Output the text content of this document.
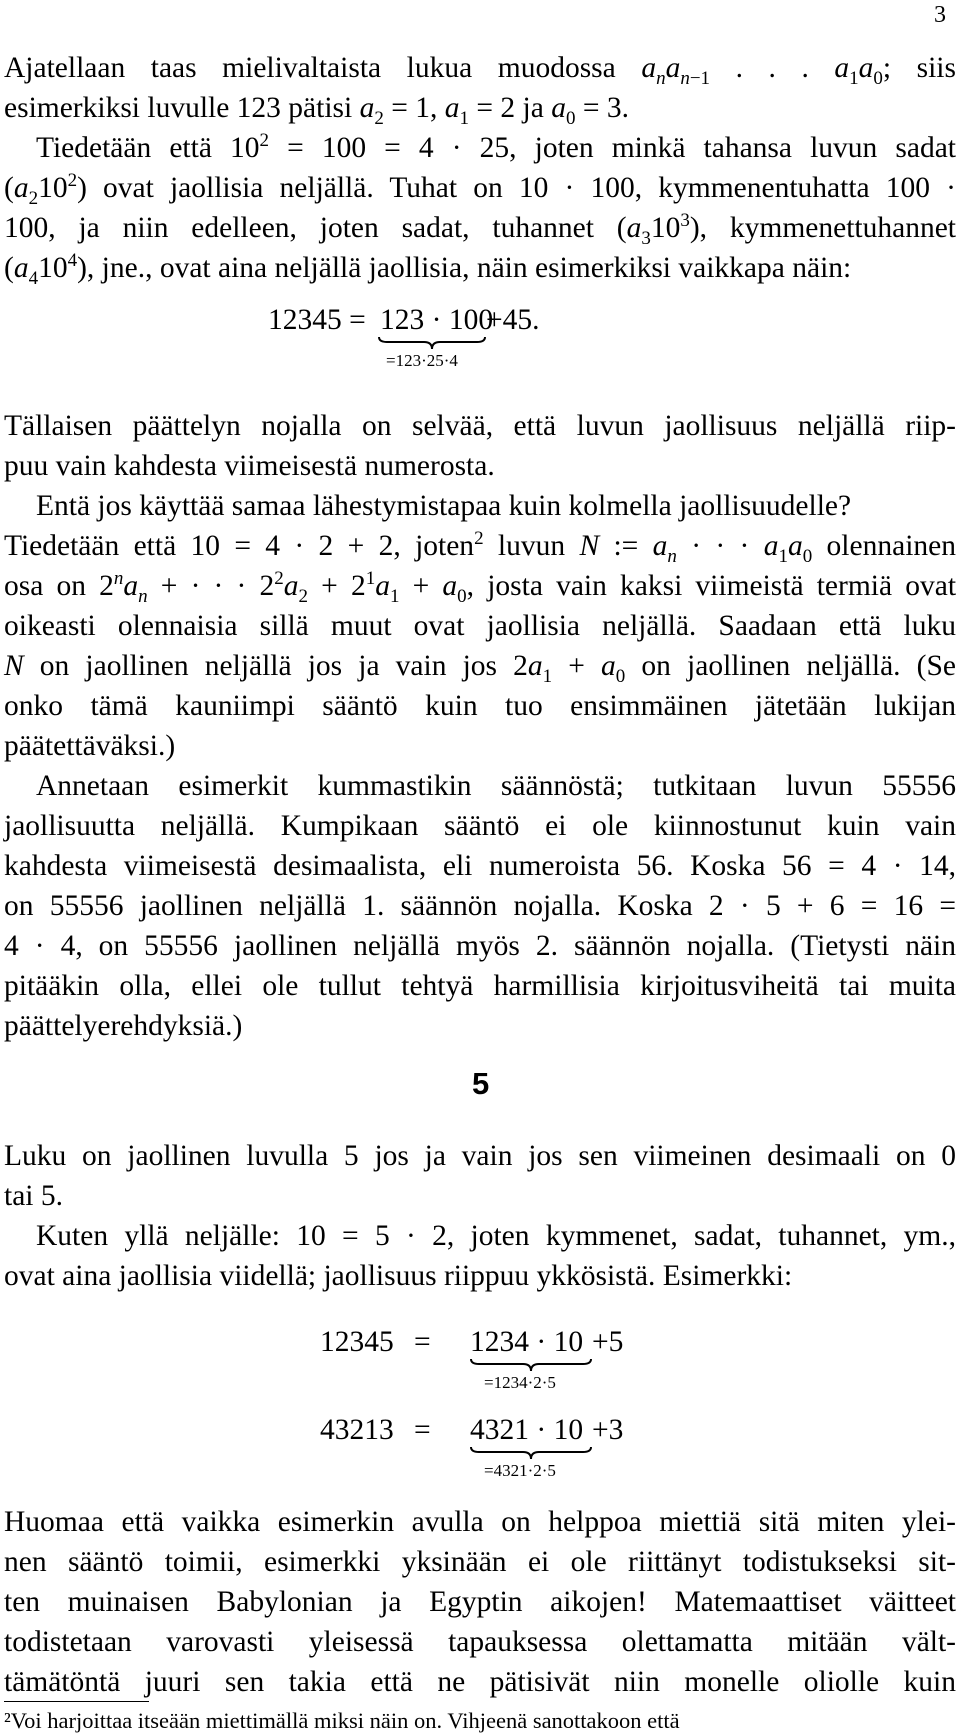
3
Ajatellaan taas mielivaltaista lukua muodossa $a_na_{n-1}$ . . . $a_1a_0$; siis
esimerkiksi luvulle 123 pätisi $a_2 = 1$, $a_1 = 2$ ja $a_0 = 3$.
Tiedetään että $10^2 = 100 = 4 \cdot 25$, joten minkä tahansa luvun sadat
$(a_210^2)$ ovat jaollisia neljällä. Tuhat on 10 · 100, kymmenentuhatta 100 ·
100, ja niin edelleen, joten sadat, tuhannet $(a_310^3)$, kymmenettuhannet
$(a_410^4)$, jne., ovat aina neljällä jaollisia, näin esimerkiksi vaikkapa näin:
12345 = 123 · 100
+45.
=123·25·4
Tällaisen päättelyn nojalla on selvää, että luvun jaollisuus neljällä riip-
puu vain kahdesta viimeisestä numerosta.
Entä jos käyttää samaa lähestymistapaa kuin kolmella jaollisuudelle?
Tiedetään että 10 = 4 · 2 + 2, joten$^2$ luvun N := $a_n$ · · · $a_1a_0$ olennainen
osa on $2^na_n$ + · · · $2^2a_2 + 2^1a_1 + a_0$, josta vain kaksi viimeistä termiä ovat
oikeasti olennaisia sillä muut ovat jaollisia neljällä. Saadaan että luku
N on jaollinen neljällä jos ja vain jos $2a_1 + a_0$ on jaollinen neljällä. (Se
onko tämä kauniimpi sääntö kuin tuo ensimmäinen jätetään lukijan
päätettäväksi.)
Annetaan esimerkit kummastikin säännöstä; tutkitaan luvun 55556
jaollisuutta neljällä. Kumpikaan sääntö ei ole kiinnostunut kuin vain
kahdesta viimeisestä desimaalista, eli numeroista 56. Koska 56 = 4 · 14,
on 55556 jaollinen neljällä 1. säännön nojalla. Koska 2 · 5 + 6 = 16 =
4 · 4, on 55556 jaollinen neljällä myös 2. säännön nojalla. (Tietysti näin
pitääkin olla, ellei ole tullut tehtyä harmillisia kirjoitusviheitä tai muita
päättelyerehdyksiä.)
5
Luku on jaollinen luvulla 5 jos ja vain jos sen viimeinen desimaali on 0
tai 5.
Kuten yllä neljälle: 10 = 5 · 2, joten kymmenet, sadat, tuhannet, ym.,
ovat aina jaollisia viidellä; jaollisuus riippuu ykkösistä. Esimerkki:
12345 = 1234 · 10 +5
=1234·2·5
43213 = 4321 · 10 +3
=4321·2·5
Huomaa että vaikka esimerkin avulla on helppoa miettiä sitä miten ylei-
nen sääntö toimii, esimerkki yksinään ei ole riittänyt todistukseksi sit-
ten muinaisen Babylonian ja Egyptin aikojen! Matemaattiset väitteet
todistetaan varovasti yleisessä tapauksessa olettamatta mitään vält-
tämätöntä juuri sen takia että ne pätisivät niin monelle oliolle kuin
²Voi harjoittaa itseään miettimällä miksi näin on. Vihjeenä sanottakoon että
